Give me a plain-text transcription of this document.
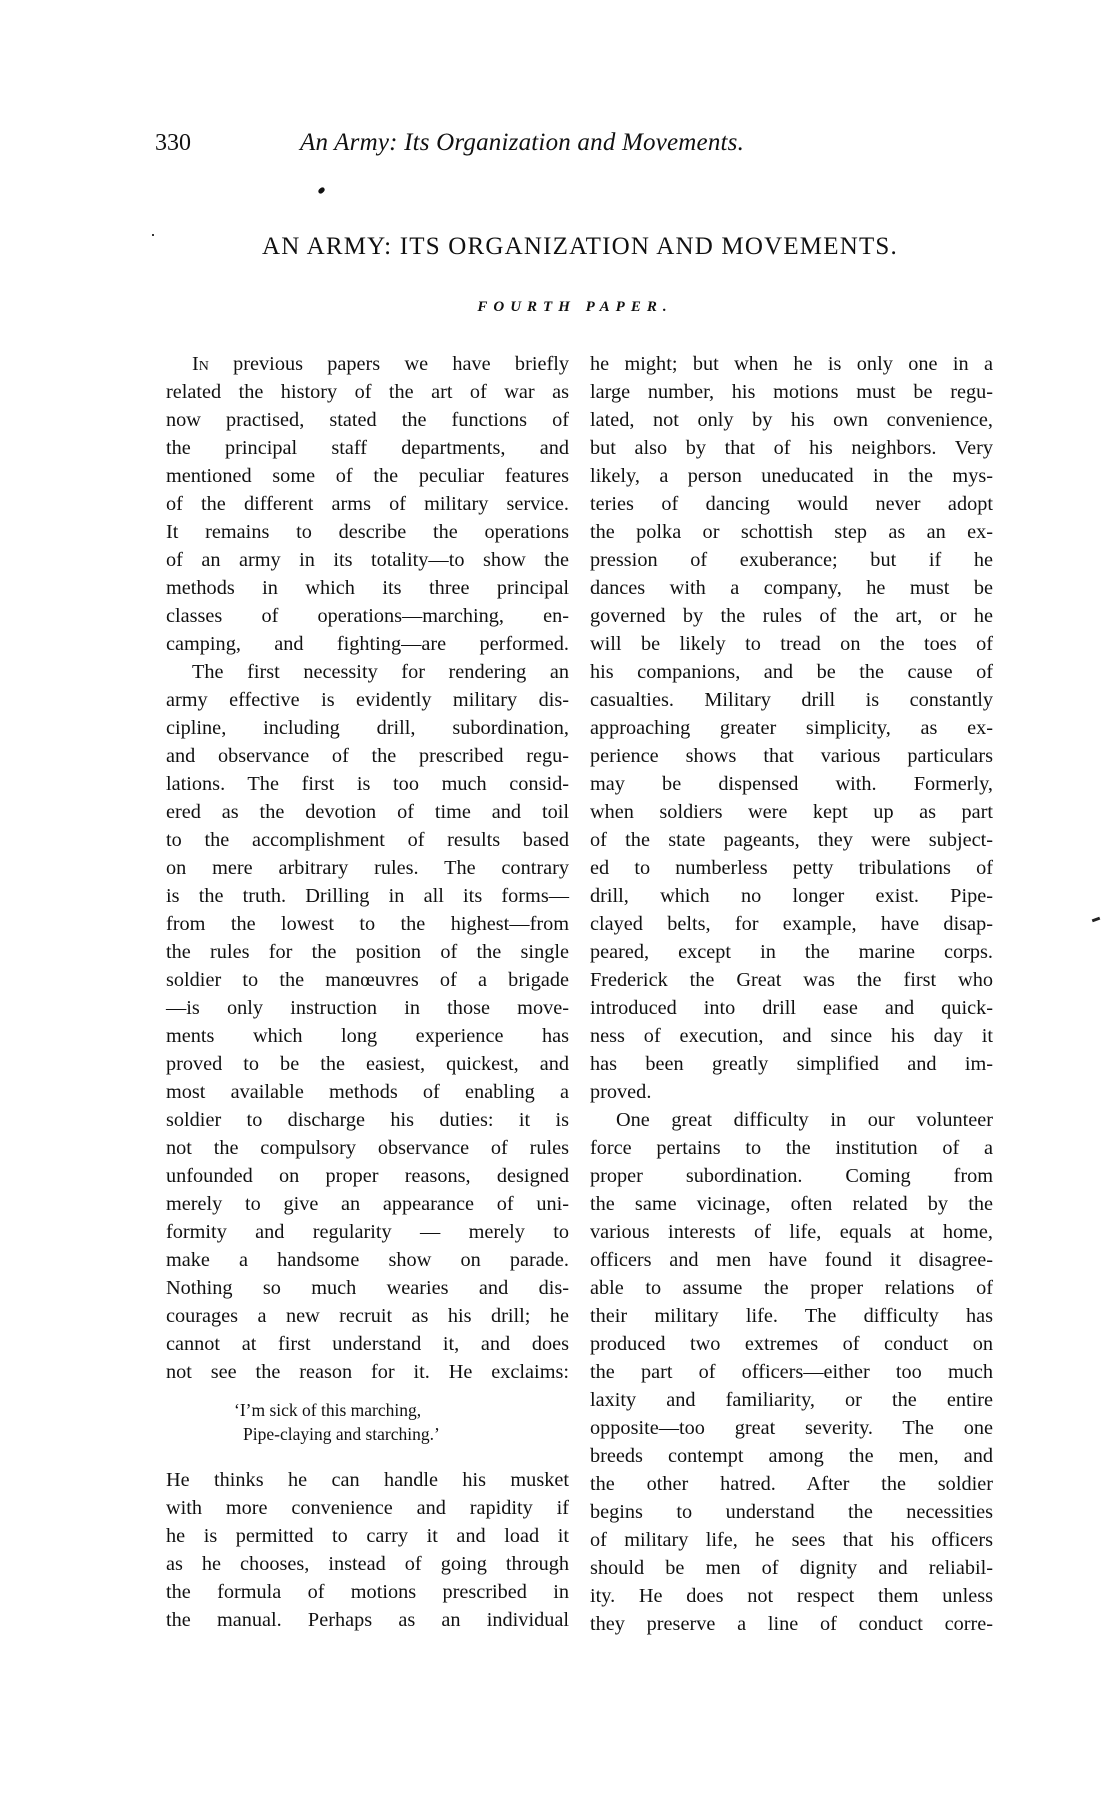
330	An Army: Its Organization and Movements.
AN ARMY: ITS ORGANIZATION AND MOVEMENTS.
FOURTH PAPER.
In previous papers we have briefly
related the history of the art of war as
now practised, stated the functions of
the principal staff departments, and
mentioned some of the peculiar features
of the different arms of military service.
It remains to describe the operations
of an army in its totality—to show the
methods in which its three principal
classes of operations—marching, en-
camping, and fighting—are performed.
The first necessity for rendering an
army effective is evidently military dis-
cipline, including drill, subordination,
and observance of the prescribed regu-
lations. The first is too much consid-
ered as the devotion of time and toil
to the accomplishment of results based
on mere arbitrary rules. The contrary
is the truth. Drilling in all its forms—
from the lowest to the highest—from
the rules for the position of the single
soldier to the manœuvres of a brigade
—is only instruction in those move-
ments which long experience has
proved to be the easiest, quickest, and
most available methods of enabling a
soldier to discharge his duties: it is
not the compulsory observance of rules
unfounded on proper reasons, designed
merely to give an appearance of uni-
formity and regularity — merely to
make a handsome show on parade.
Nothing so much wearies and dis-
courages a new recruit as his drill; he
cannot at first understand it, and does
not see the reason for it. He exclaims:
‘I’m sick of this marching,
Pipe-claying and starching.’
He thinks he can handle his musket
with more convenience and rapidity if
he is permitted to carry it and load it
as he chooses, instead of going through
the formula of motions prescribed in
the manual. Perhaps as an individual
he might; but when he is only one in a
large number, his motions must be regu-
lated, not only by his own convenience,
but also by that of his neighbors. Very
likely, a person uneducated in the mys-
teries of dancing would never adopt
the polka or schottish step as an ex-
pression of exuberance; but if he
dances with a company, he must be
governed by the rules of the art, or he
will be likely to tread on the toes of
his companions, and be the cause of
casualties. Military drill is constantly
approaching greater simplicity, as ex-
perience shows that various particulars
may be dispensed with. Formerly,
when soldiers were kept up as part
of the state pageants, they were subject-
ed to numberless petty tribulations of
drill, which no longer exist. Pipe-
clayed belts, for example, have disap-
peared, except in the marine corps.
Frederick the Great was the first who
introduced into drill ease and quick-
ness of execution, and since his day it
has been greatly simplified and im-
proved.
One great difficulty in our volunteer
force pertains to the institution of a
proper subordination. Coming from
the same vicinage, often related by the
various interests of life, equals at home,
officers and men have found it disagree-
able to assume the proper relations of
their military life. The difficulty has
produced two extremes of conduct on
the part of officers—either too much
laxity and familiarity, or the entire
opposite—too great severity. The one
breeds contempt among the men, and
the other hatred. After the soldier
begins to understand the necessities
of military life, he sees that his officers
should be men of dignity and reliabil-
ity. He does not respect them unless
they preserve a line of conduct corre-
